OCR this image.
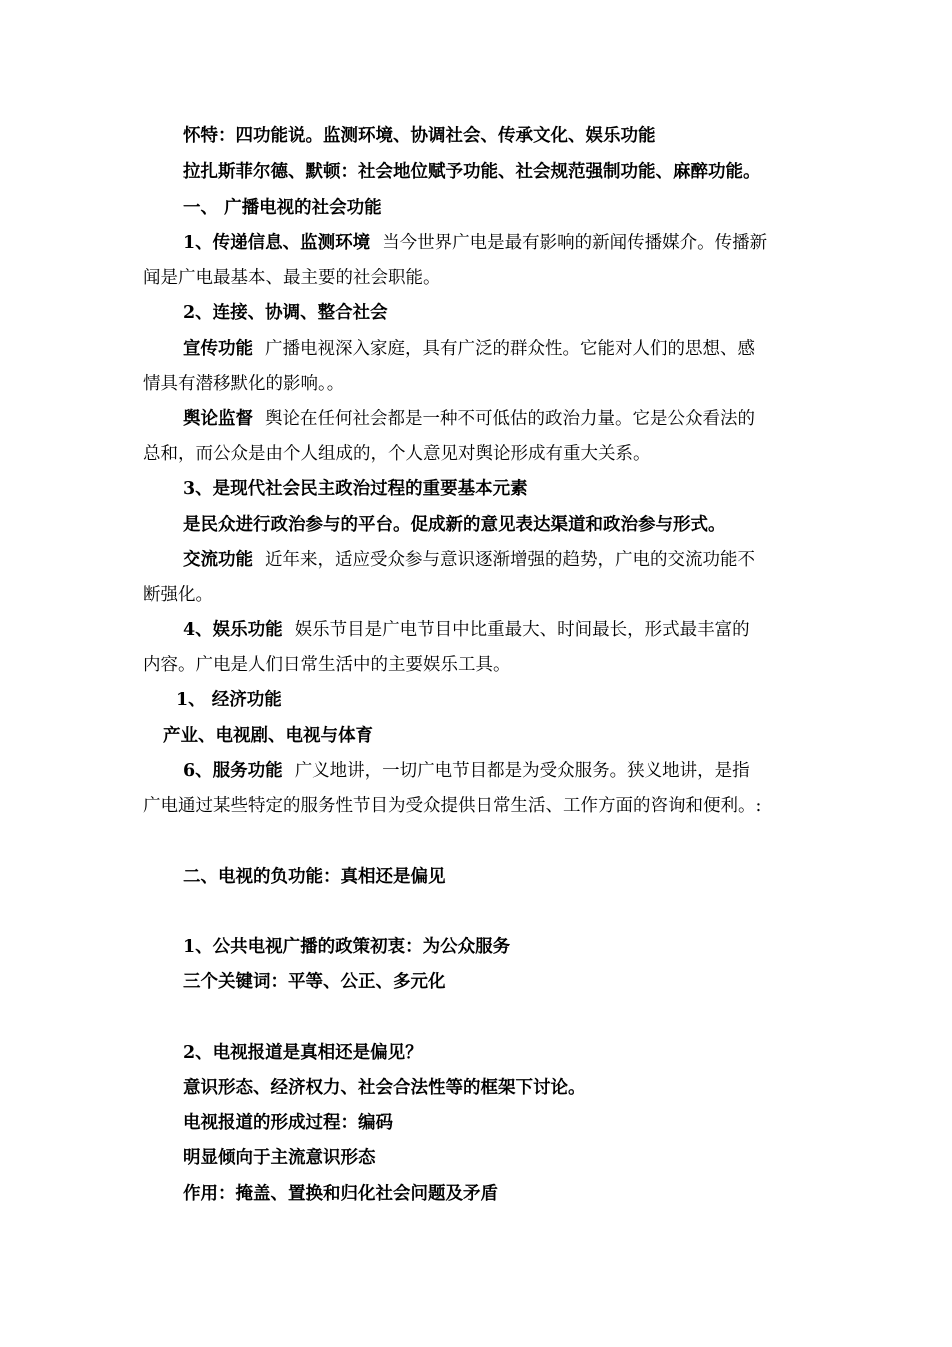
怀特：四功能说。监测环境、协调社会、传承文化、娱乐功能
拉扎斯菲尔德、默顿：社会地位赋予功能、社会规范强制功能、麻醉功能。
一、 广播电视的社会功能
1、传递信息、监测环境 当今世界广电是最有影响的新闻传播媒介。传播新
闻是广电最基本、最主要的社会职能。
2、连接、协调、整合社会
宣传功能 广播电视深入家庭，具有广泛的群众性。它能对人们的思想、感
情具有潜移默化的影响。。
舆论监督 舆论在任何社会都是一种不可低估的政治力量。它是公众看法的
总和，而公众是由个人组成的，个人意见对舆论形成有重大关系。
3、是现代社会民主政治过程的重要基本元素
是民众进行政治参与的平台。促成新的意见表达渠道和政治参与形式。
交流功能 近年来，适应受众参与意识逐渐增强的趋势，广电的交流功能不
断强化。
4、娱乐功能 娱乐节目是广电节目中比重最大、时间最长，形式最丰富的
内容。广电是人们日常生活中的主要娱乐工具。
1、 经济功能
产业、电视剧、电视与体育
6、服务功能 广义地讲，一切广电节目都是为受众服务。狭义地讲，是指
广电通过某些特定的服务性节目为受众提供日常生活、工作方面的咨询和便利。:
二、电视的负功能：真相还是偏见
1、公共电视广播的政策初衷：为公众服务
三个关键词：平等、公正、多元化
2、电视报道是真相还是偏见？
意识形态、经济权力、社会合法性等的框架下讨论。
电视报道的形成过程：编码
明显倾向于主流意识形态
作用：掩盖、置换和归化社会问题及矛盾
